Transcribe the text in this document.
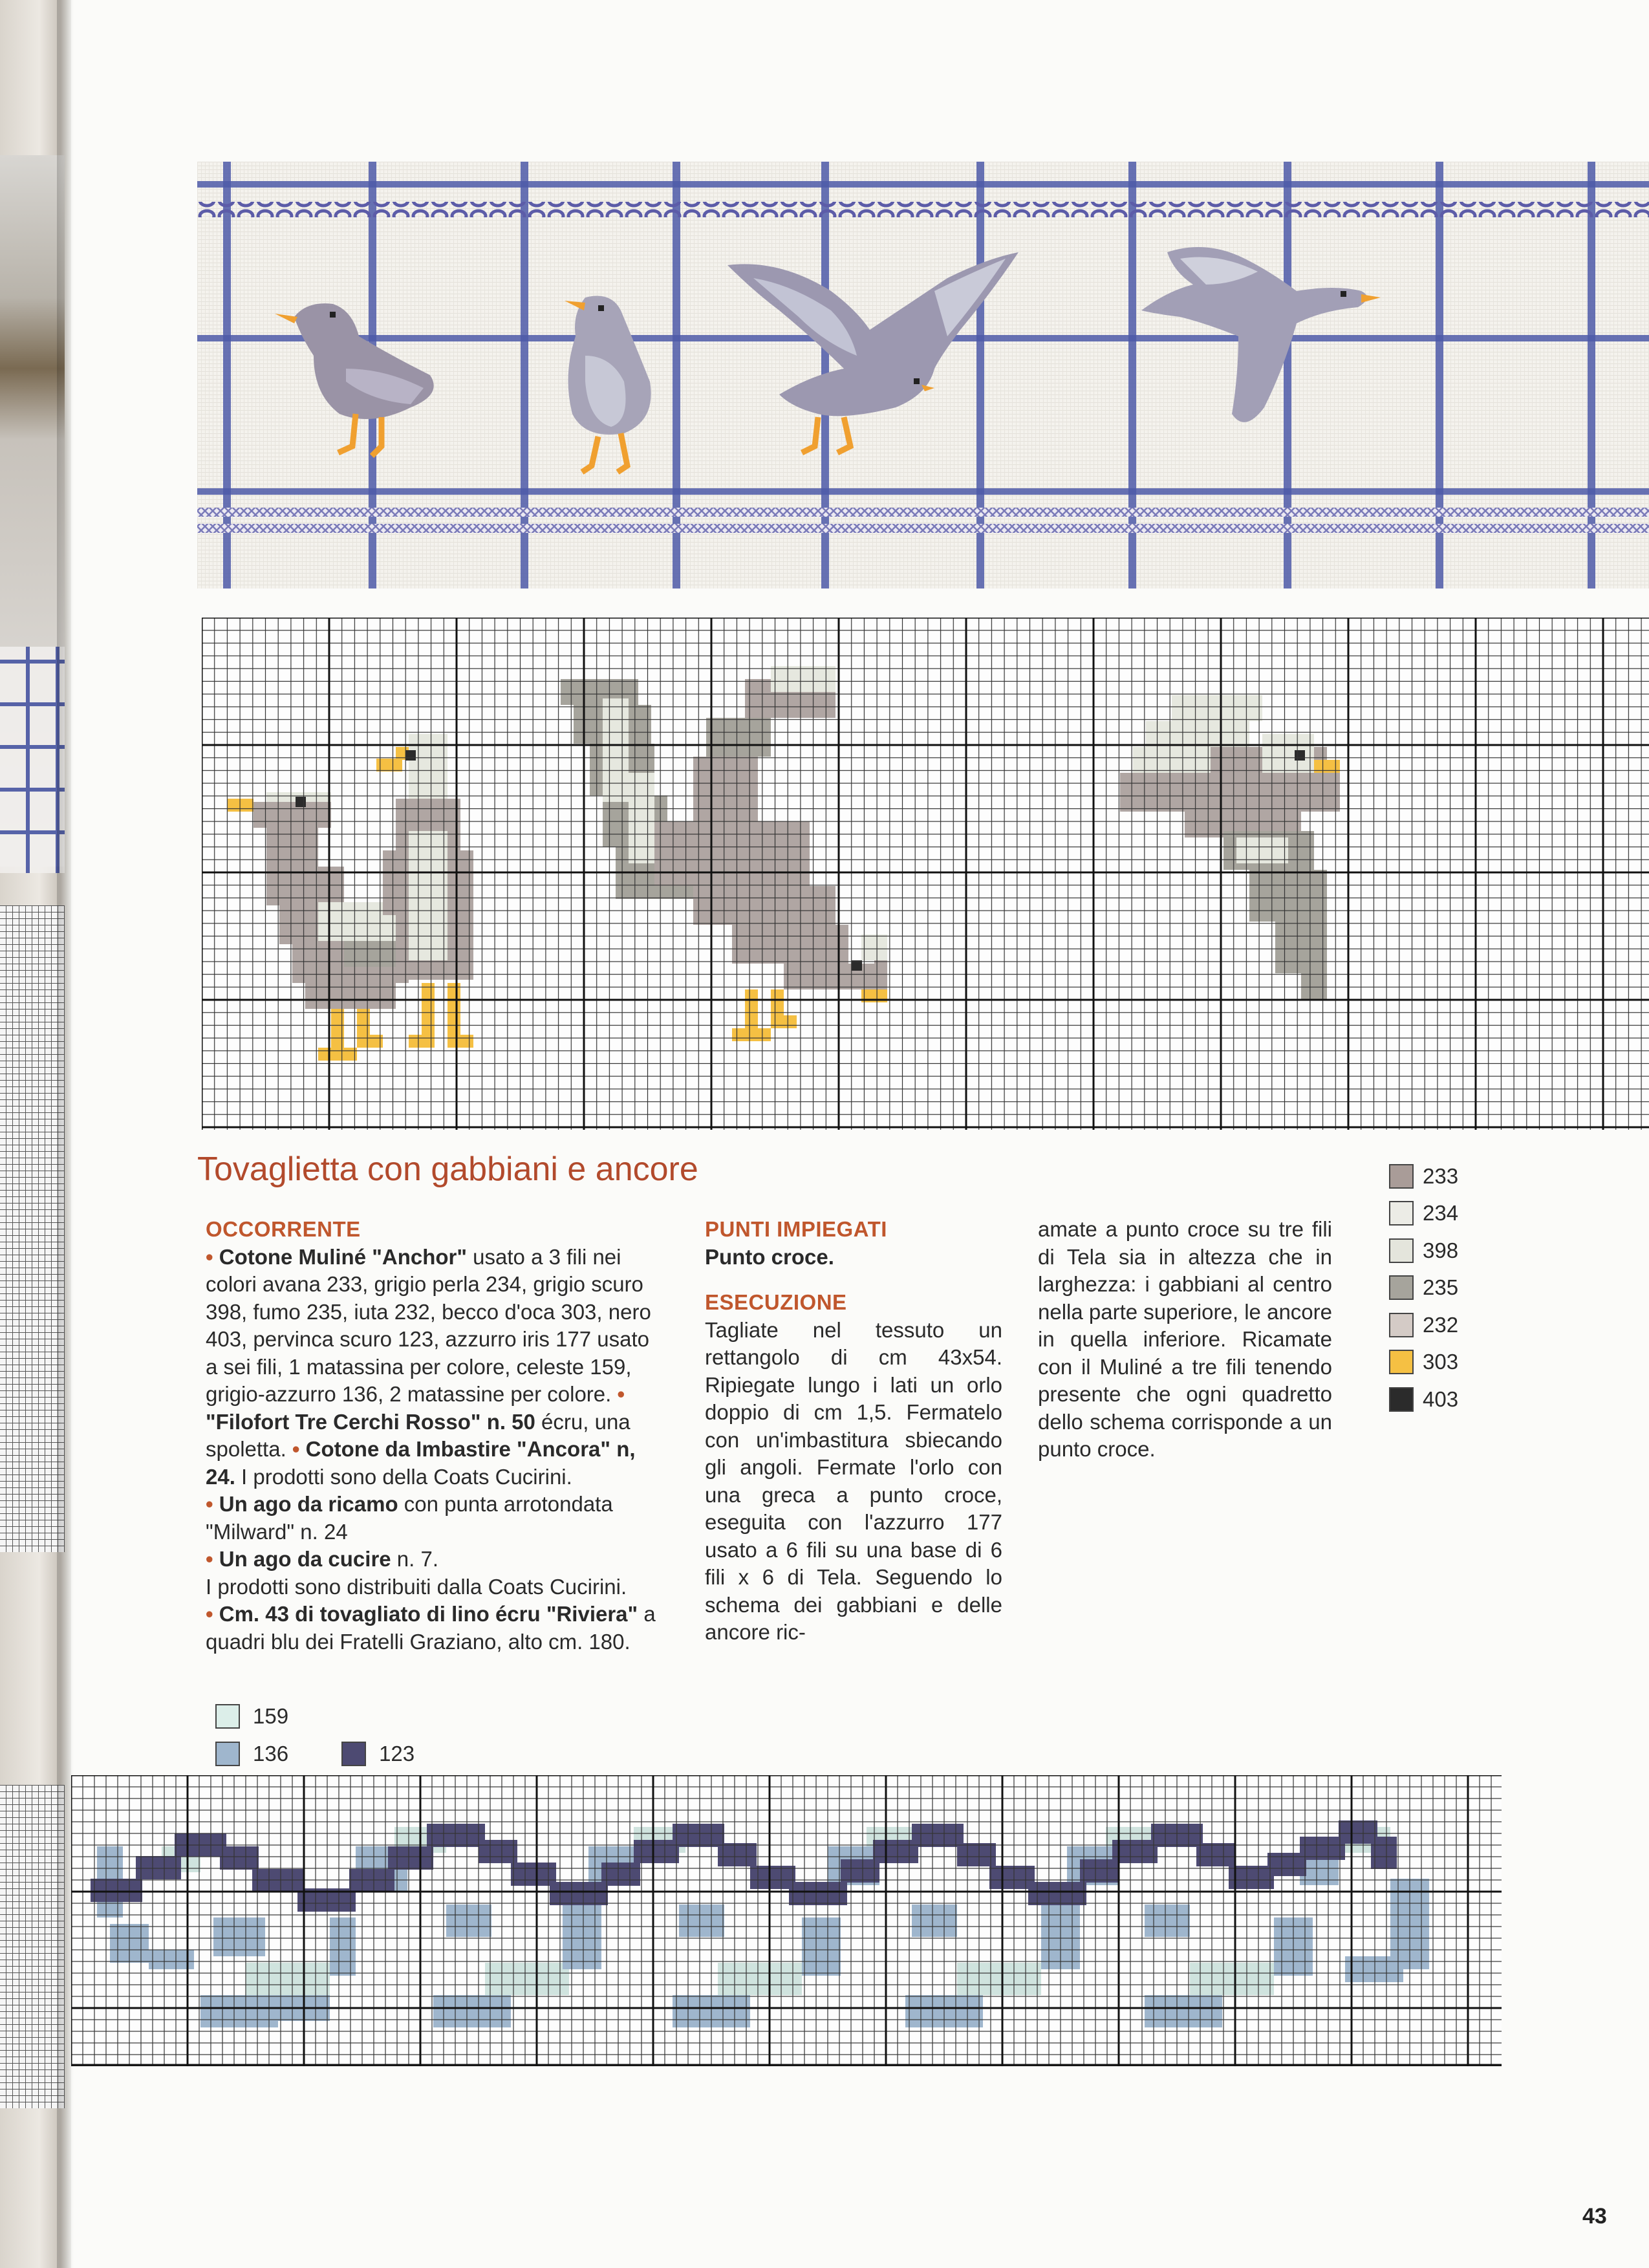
Tovaglietta con gabbiani e ancore
OCCORRENTE

• Cotone Muliné "Anchor" usato a 3 fili nei colori avana 233, grigio perla 234, grigio scuro 398, fumo 235, iuta 232, becco d'oca 303, nero 403, pervinca scuro 123, azzurro iris 177 usato a sei fili, 1 matassina per colore, celeste 159, grigio-azzurro 136, 2 matassine per colore. • "Filofort Tre Cerchi Rosso" n. 50 écru, una spoletta. • Cotone da Imbastire "Ancora" n, 24. I prodotti sono della Coats Cucirini.

• Un ago da ricamo con punta arrotondata "Milward" n. 24

• Un ago da cucire n. 7.

I prodotti sono distribuiti dalla Coats Cucirini.

• Cm. 43 di tovagliato di lino écru "Riviera" a quadri blu dei Fratelli Graziano, alto cm. 180.

PUNTI IMPIEGATI

Punto croce.

ESECUZIONE

Tagliate nel tessuto un rettangolo di cm 43x54. Ripiegate lungo i lati un orlo doppio di cm 1,5. Fermatelo con un'imbastitura sbiecando gli angoli. Fermate l'orlo con una greca a punto croce, eseguita con l'azzurro 177 usato a 6 fili su una base di 6 fili x 6 di Tela. Seguendo lo schema dei gabbiani e delle ancore ric-

amate a punto croce su tre fili di Tela sia in altezza che in larghezza: i gabbiani al centro nella parte superiore, le ancore in quella inferiore. Ricamate con il Muliné a tre fili tenendo presente che ogni quadretto dello schema corrisponde a un punto croce.

233
234
398
235
232
303
403
159
136	123
43
